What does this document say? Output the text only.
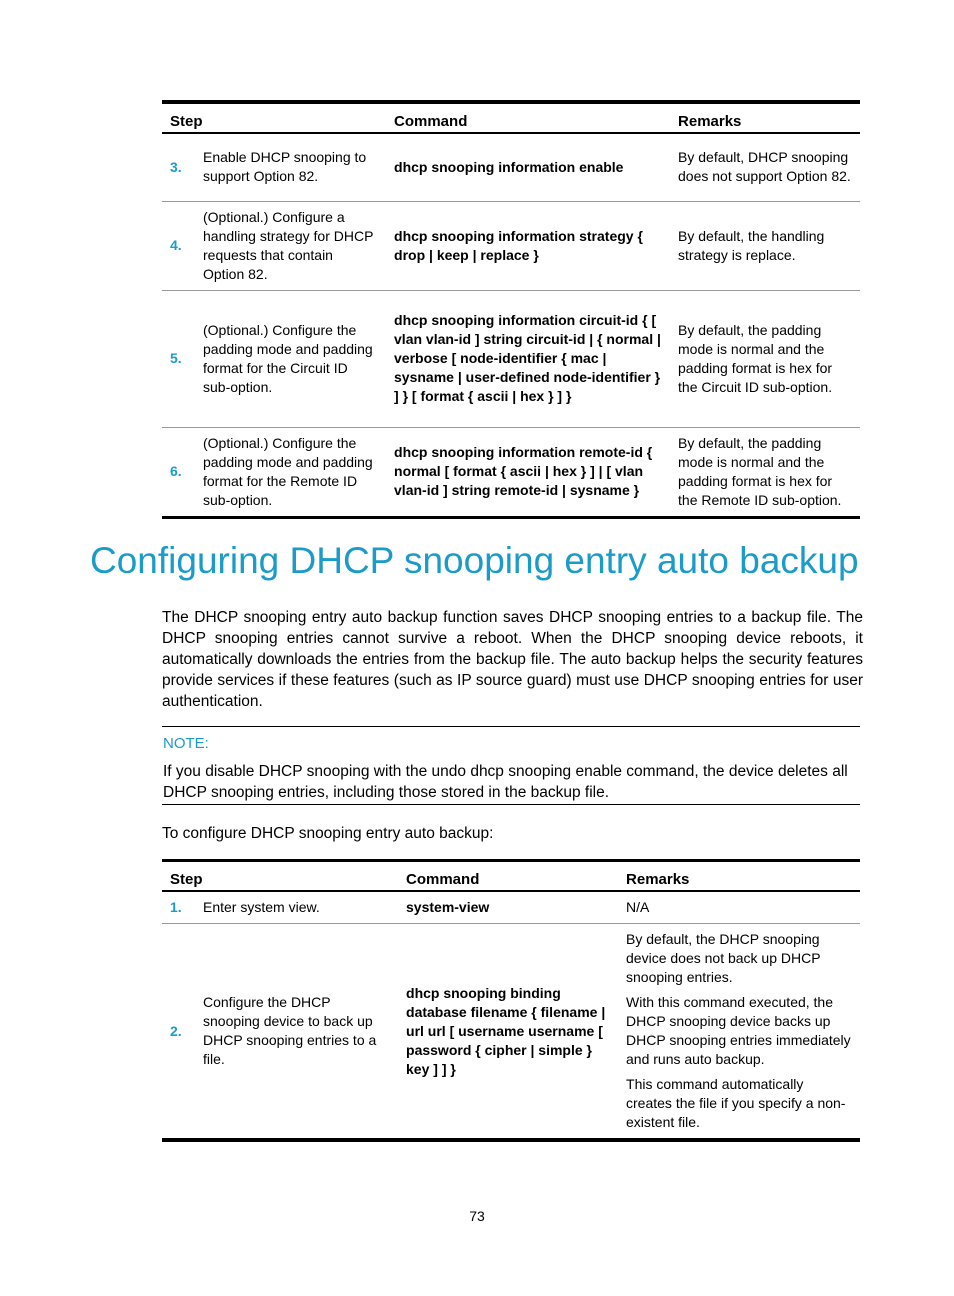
Step		Command	Remarks
3.	Enable DHCP snooping to support Option 82.	dhcp snooping information enable	By default, DHCP snooping does not support Option 82.
4.	(Optional.) Configure a handling strategy for DHCP requests that contain Option 82.	dhcp snooping information strategy { drop | keep | replace }	By default, the handling strategy is replace.
5.	(Optional.) Configure the padding mode and padding format for the Circuit ID sub-option.	dhcp snooping information circuit-id { [ vlan vlan-id ] string circuit-id | { normal | verbose [ node-identifier { mac | sysname | user-defined node-identifier } ] } [ format { ascii | hex } ] }	By default, the padding mode is normal and the padding format is hex for the Circuit ID sub-option.
6.	(Optional.) Configure the padding mode and padding format for the Remote ID sub-option.	dhcp snooping information remote-id { normal [ format { ascii | hex } ] | [ vlan vlan-id ] string remote-id | sysname }	By default, the padding mode is normal and the padding format is hex for the Remote ID sub-option.
Configuring DHCP snooping entry auto backup

The DHCP snooping entry auto backup function saves DHCP snooping entries to a backup file. The DHCP snooping entries cannot survive a reboot. When the DHCP snooping device reboots, it automatically downloads the entries from the backup file. The auto backup helps the security features provide services if these features (such as IP source guard) must use DHCP snooping entries for user authentication.

NOTE:

If you disable DHCP snooping with the undo dhcp snooping enable command, the device deletes all DHCP snooping entries, including those stored in the backup file.

To configure DHCP snooping entry auto backup:

Step		Command	Remarks
1.	Enter system view.	system-view	N/A

2.	Configure the DHCP snooping device to back up DHCP snooping entries to a file.	dhcp snooping binding database filename { filename | url url [ username username [ password { cipher | simple } key ] ] }	By default, the DHCP snooping device does not back up DHCP snooping entries.

With this command executed, the DHCP snooping device backs up DHCP snooping entries immediately and runs auto backup.

This command automatically creates the file if you specify a non-existent file.

73
